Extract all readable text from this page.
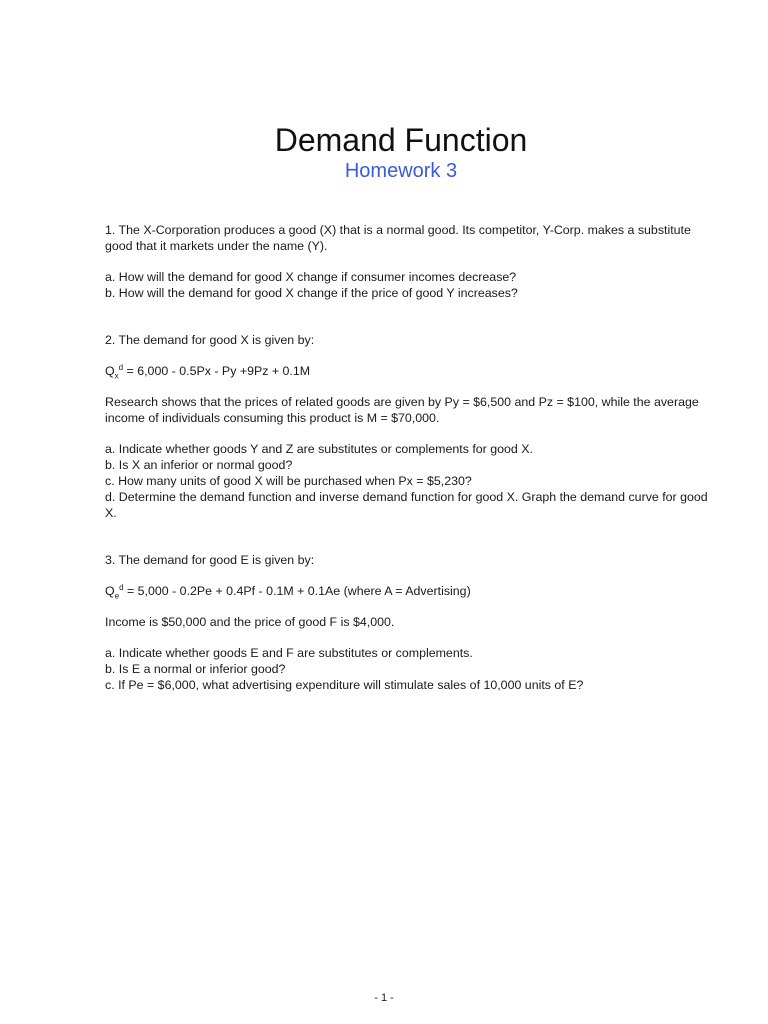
Demand Function
Homework 3

1. The X-Corporation produces a good (X) that is a normal good. Its competitor, Y-Corp. makes a substitute good that it markets under the name (Y).

a. How will the demand for good X change if consumer incomes decrease?

b. How will the demand for good X change if the price of good Y increases?

2. The demand for good X is given by:

$Q_x^d = 6,000 - 0.5Px - Py +9Pz + 0.1M$

Research shows that the prices of related goods are given by Py = $6,500 and Pz = $100, while the average income of individuals consuming this product is M = $70,000.

a. Indicate whether goods Y and Z are substitutes or complements for good X.

b. Is X an inferior or normal good?

c. How many units of good X will be purchased when Px = $5,230?

d. Determine the demand function and inverse demand function for good X. Graph the demand curve for good X.

3. The demand for good E is given by:

$Q_e^d = 5,000 - 0.2Pe + 0.4Pf - 0.1M + 0.1Ae$ (where A = Advertising)

Income is $50,000 and the price of good F is $4,000.

a. Indicate whether goods E and F are substitutes or complements.

b. Is E a normal or inferior good?

c. If Pe = $6,000, what advertising expenditure will stimulate sales of 10,000 units of E?

- 1 -
